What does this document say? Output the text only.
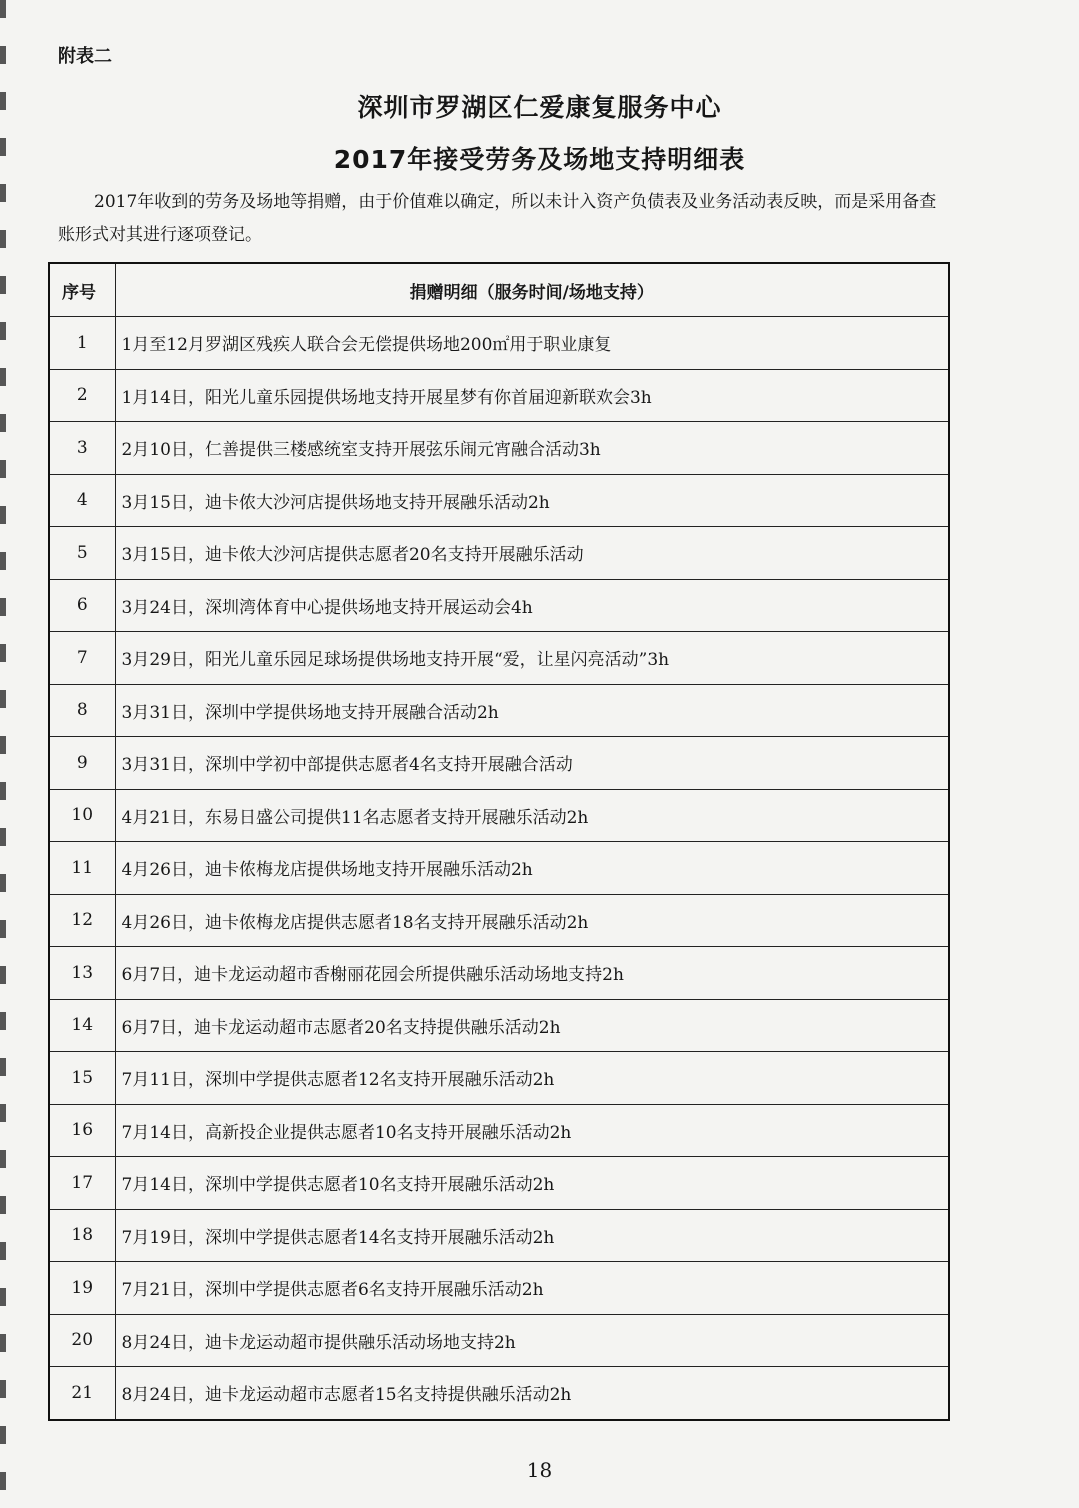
附表二
深圳市罗湖区仁爱康复服务中心
2017年接受劳务及场地支持明细表
2017年收到的劳务及场地等捐赠，由于价值难以确定，所以未计入资产负债表及业务活动表反映，而是采用备查账形式对其进行逐项登记。
序号	捐赠明细（服务时间/场地支持）
1	1月至12月罗湖区残疾人联合会无偿提供场地200㎡用于职业康复
2	1月14日，阳光儿童乐园提供场地支持开展星梦有你首届迎新联欢会3h
3	2月10日，仁善提供三楼感统室支持开展弦乐闹元宵融合活动3h
4	3月15日，迪卡侬大沙河店提供场地支持开展融乐活动2h
5	3月15日，迪卡侬大沙河店提供志愿者20名支持开展融乐活动
6	3月24日，深圳湾体育中心提供场地支持开展运动会4h
7	3月29日，阳光儿童乐园足球场提供场地支持开展“爱，让星闪亮活动”3h
8	3月31日，深圳中学提供场地支持开展融合活动2h
9	3月31日，深圳中学初中部提供志愿者4名支持开展融合活动
10	4月21日，东易日盛公司提供11名志愿者支持开展融乐活动2h
11	4月26日，迪卡侬梅龙店提供场地支持开展融乐活动2h
12	4月26日，迪卡侬梅龙店提供志愿者18名支持开展融乐活动2h
13	6月7日，迪卡龙运动超市香榭丽花园会所提供融乐活动场地支持2h
14	6月7日，迪卡龙运动超市志愿者20名支持提供融乐活动2h
15	7月11日，深圳中学提供志愿者12名支持开展融乐活动2h
16	7月14日，高新投企业提供志愿者10名支持开展融乐活动2h
17	7月14日，深圳中学提供志愿者10名支持开展融乐活动2h
18	7月19日，深圳中学提供志愿者14名支持开展融乐活动2h
19	7月21日，深圳中学提供志愿者6名支持开展融乐活动2h
20	8月24日，迪卡龙运动超市提供融乐活动场地支持2h
21	8月24日，迪卡龙运动超市志愿者15名支持提供融乐活动2h
18
